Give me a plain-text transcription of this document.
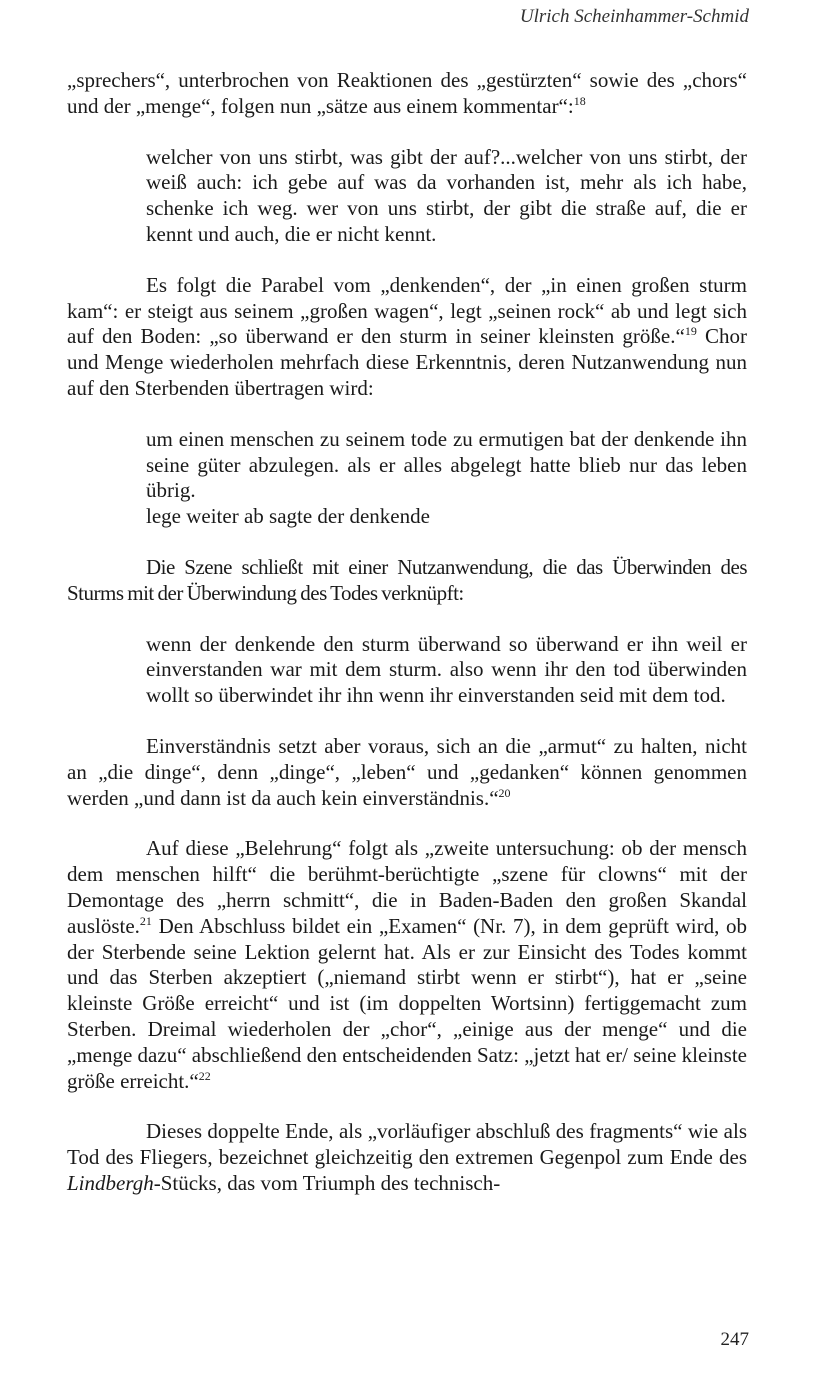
Ulrich Scheinhammer-Schmid

„sprechers“, unterbrochen von Reaktionen des „gestürzten“ sowie des „chors“ und der „menge“, folgen nun „sätze aus einem kommentar“:$^{18}$

welcher von uns stirbt, was gibt der auf?...welcher von uns stirbt, der weiß auch: ich gebe auf was da vorhanden ist, mehr als ich habe, schenke ich weg. wer von uns stirbt, der gibt die straße auf, die er kennt und auch, die er nicht kennt.

Es folgt die Parabel vom „denkenden“, der „in einen großen sturm kam“: er steigt aus seinem „großen wagen“, legt „seinen rock“ ab und legt sich auf den Boden: „so überwand er den sturm in seiner kleinsten größe.“$^{19}$ Chor und Menge wiederholen mehrfach diese Erkenntnis, deren Nutzanwendung nun auf den Sterbenden übertragen wird:

um einen menschen zu seinem tode zu ermutigen bat der denkende ihn seine güter abzulegen. als er alles abgelegt hatte blieb nur das leben übrig.

lege weiter ab sagte der denkende

Die Szene schließt mit einer Nutzanwendung, die das Überwinden des Sturms mit der Überwindung des Todes verknüpft:

wenn der denkende den sturm überwand so überwand er ihn weil er einverstanden war mit dem sturm. also wenn ihr den tod überwinden wollt so überwindet ihr ihn wenn ihr einverstanden seid mit dem tod.

Einverständnis setzt aber voraus, sich an die „armut“ zu halten, nicht an „die dinge“, denn „dinge“, „leben“ und „gedanken“ können genommen werden „und dann ist da auch kein einverständnis.“$^{20}$

Auf diese „Belehrung“ folgt als „zweite untersuchung: ob der mensch dem menschen hilft“ die berühmt-berüchtigte „szene für clowns“ mit der Demontage des „herrn schmitt“, die in Baden-Baden den großen Skandal auslöste.$^{21}$ Den Abschluss bildet ein „Examen“ (Nr. 7), in dem geprüft wird, ob der Sterbende seine Lektion gelernt hat. Als er zur Einsicht des Todes kommt und das Sterben akzeptiert („niemand stirbt wenn er stirbt“), hat er „seine kleinste Größe erreicht“ und ist (im doppelten Wortsinn) fertiggemacht zum Sterben. Dreimal wiederholen der „chor“, „einige aus der menge“ und die „menge dazu“ abschließend den entscheidenden Satz: „jetzt hat er/ seine kleinste größe erreicht.“$^{22}$

Dieses doppelte Ende, als „vorläufiger abschluß des fragments“ wie als Tod des Fliegers, bezeichnet gleichzeitig den extremen Gegenpol zum Ende des Lindbergh-Stücks, das vom Triumph des technisch-

247
